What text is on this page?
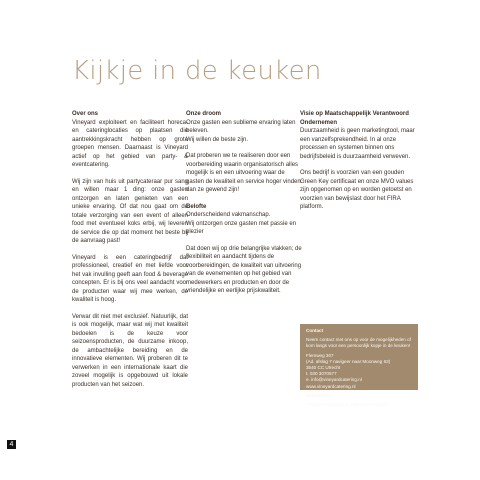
Kijkje in de keuken
Over ons

Vineyard exploiteert en faciliteert horeca- en cateringlocaties op plaatsen die aantrekkingskracht hebben op grote groepen mensen. Daarnaast is Vineyard actief op het gebied van party- & eventcatering.

Wij zijn van huis uit partycateraar pur sang en willen maar 1 ding: onze gasten ontzorgen en laten genieten van een unieke ervaring. Of dat nou gaat om de totale verzorging van een event of alleen food met eventueel koks erbij, wij leveren de service die op dat moment het beste bij de aanvraag past!

Vineyard is een cateringbedrijf dat professioneel, creatief en met liefde voor het vak invulling geeft aan food & beverage concepten. Er is bij ons veel aandacht voor de producten waar wij mee werken, de kwaliteit is hoog.

Verwar dit niet met exclusief. Natuurlijk, dat is ook mogelijk, maar wat wij met kwaliteit bedoelen is de keuze voor seizoensproducten, de duurzame inkoop, de ambachtelijke bereiding en de innovatieve elementen. Wij proberen dit te verwerken in een internationale kaart die zoveel mogelijk is opgebouwd uit lokale producten van het seizoen.

Onze droom

Onze gasten een sublieme ervaring laten beleven.
Wij willen de beste zijn.

Dat proberen we te realiseren door een voorbereiding waarin organisatorisch alles mogelijk is en een uitvoering waar de gasten de kwaliteit en service hoger vinden dan ze gewend zijn!

Belofte

Onderscheidend vakmanschap.
Wij ontzorgen onze gasten met passie en plezier

Dat doen wij op drie belangrijke vlakken; de flexibiliteit en aandacht tijdens de voorbereidingen, de kwaliteit van uitvoering van de evenementen op het gebied van medewerkers en producten en door de vriendelijke en eerlijke prijskwaliteit.

Visie op Maatschappelijk Verantwoord Ondernemen

Duurzaamheid is geen marketingtool, maar een vanzelfsprekendheid. In al onze processen en systemen binnen ons bedrijfsbeleid is duurzaamheid verweven.

Ons bedrijf is voorzien van een gouden Green Key certificaat en onze MVO values zijn opgenomen op en worden getoetst en voorzien van bewijslast door het FIRA platform.

Contact

Neem contact met ons op voor de mogelijkheden of kom langs voor een persoonlijk kopje in de keuken!

Flemweg 307
(Ad. afslag 7 navigeer naar Moonweg 63)
3540 CC Utrecht
t. 030 3070577
e. info@vineyardcatering.nl
www.vineyardcatering.nl

Fotocredits:

Famous Productions, Fitsenia Fotografie

4
